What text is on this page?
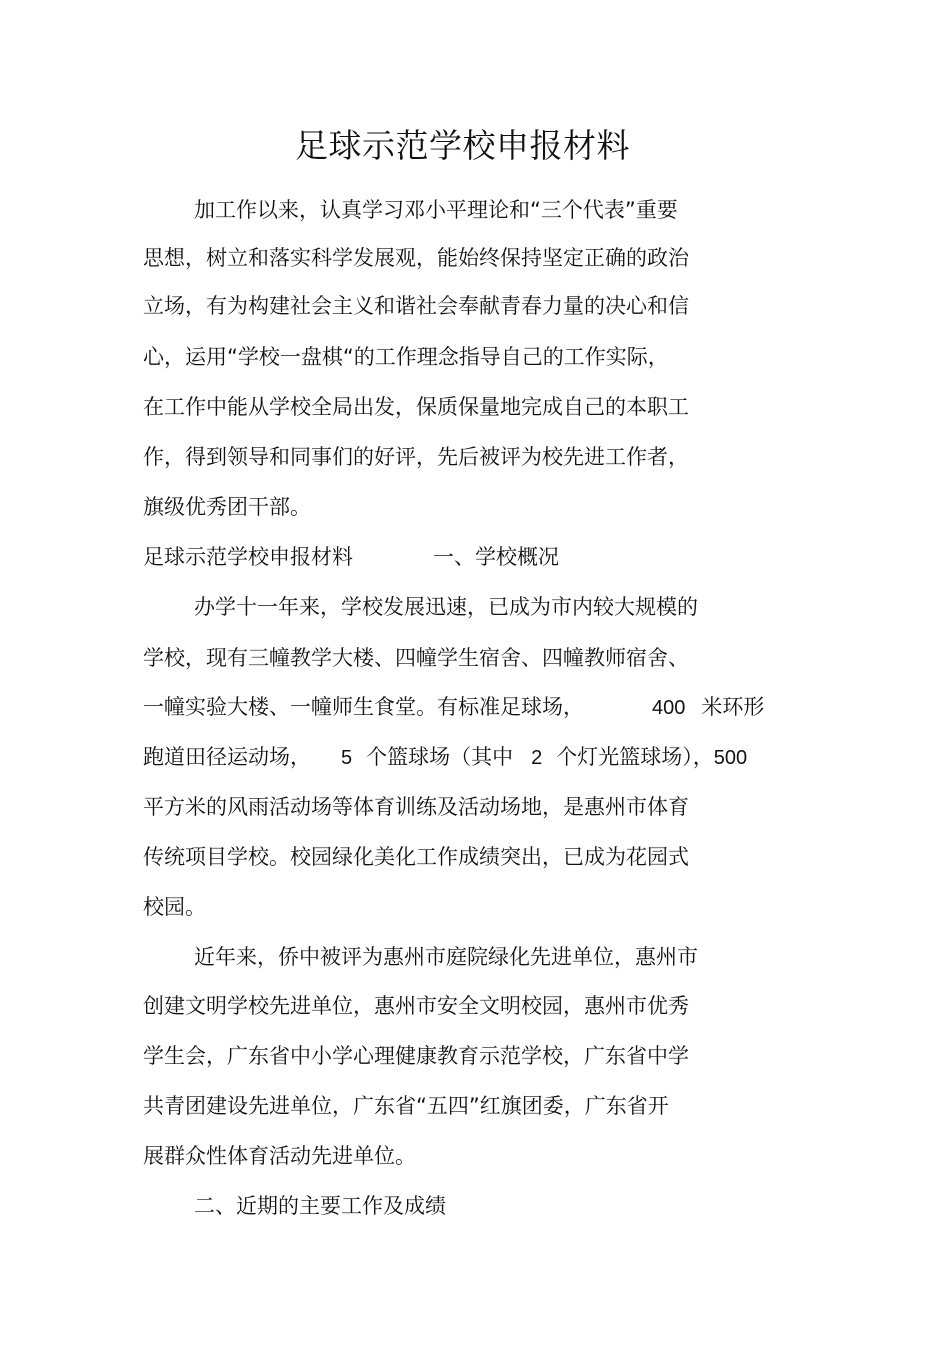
足球示范学校申报材料
加工作以来，认真学习邓小平理论和“三个代表”重要
思想，树立和落实科学发展观，能始终保持坚定正确的政治
立场，有为构建社会主义和谐社会奉献青春力量的决心和信
心，运用“学校一盘棋“的工作理念指导自己的工作实际，
在工作中能从学校全局出发，保质保量地完成自己的本职工
作，得到领导和同事们的好评，先后被评为校先进工作者，
旗级优秀团干部。
足球示范学校申报材料	一、学校概况
办学十一年来，学校发展迅速，已成为市内较大规模的
学校，现有三幢教学大楼、四幢学生宿舍、四幢教师宿舍、
一幢实验大楼、一幢师生食堂。有标准足球场，	400 米环形
跑道田径运动场， 5 个篮球场（其中 2 个灯光篮球场），500
平方米的风雨活动场等体育训练及活动场地，是惠州市体育
传统项目学校。校园绿化美化工作成绩突出，已成为花园式
校园。
近年来，侨中被评为惠州市庭院绿化先进单位，惠州市
创建文明学校先进单位，惠州市安全文明校园，惠州市优秀
学生会，广东省中小学心理健康教育示范学校，广东省中学
共青团建设先进单位，广东省“五四”红旗团委，广东省开
展群众性体育活动先进单位。
二、近期的主要工作及成绩
